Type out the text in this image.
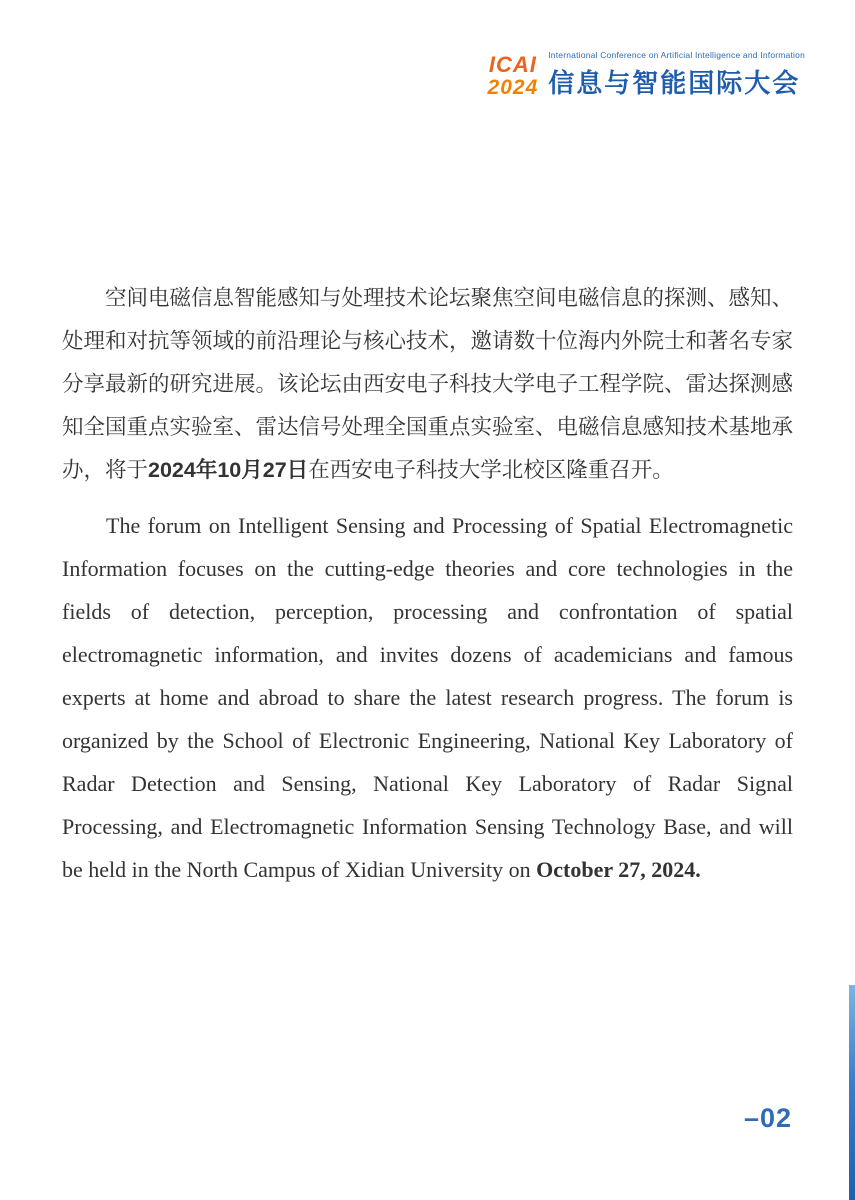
ICAI
2024
International Conference on Artificial Intelligence and Information
信息与智能国际大会

空间电磁信息智能感知与处理技术论坛聚焦空间电磁信息的探测、感知、处理和对抗等领域的前沿理论与核心技术，邀请数十位海内外院士和著名专家分享最新的研究进展。该论坛由西安电子科技大学电子工程学院、雷达探测感知全国重点实验室、雷达信号处理全国重点实验室、电磁信息感知技术基地承办，将于2024年10月27日在西安电子科技大学北校区隆重召开。

The forum on Intelligent Sensing and Processing of Spatial Electromagnetic Information focuses on the cutting-edge theories and core technologies in the fields of detection, perception, processing and confrontation of spatial electromagnetic information, and invites dozens of academicians and famous experts at home and abroad to share the latest research progress. The forum is organized by the School of Electronic Engineering, National Key Laboratory of Radar Detection and Sensing, National Key Laboratory of Radar Signal Processing, and Electromagnetic Information Sensing Technology Base, and will be held in the North Campus of Xidian University on October 27, 2024.

–02
